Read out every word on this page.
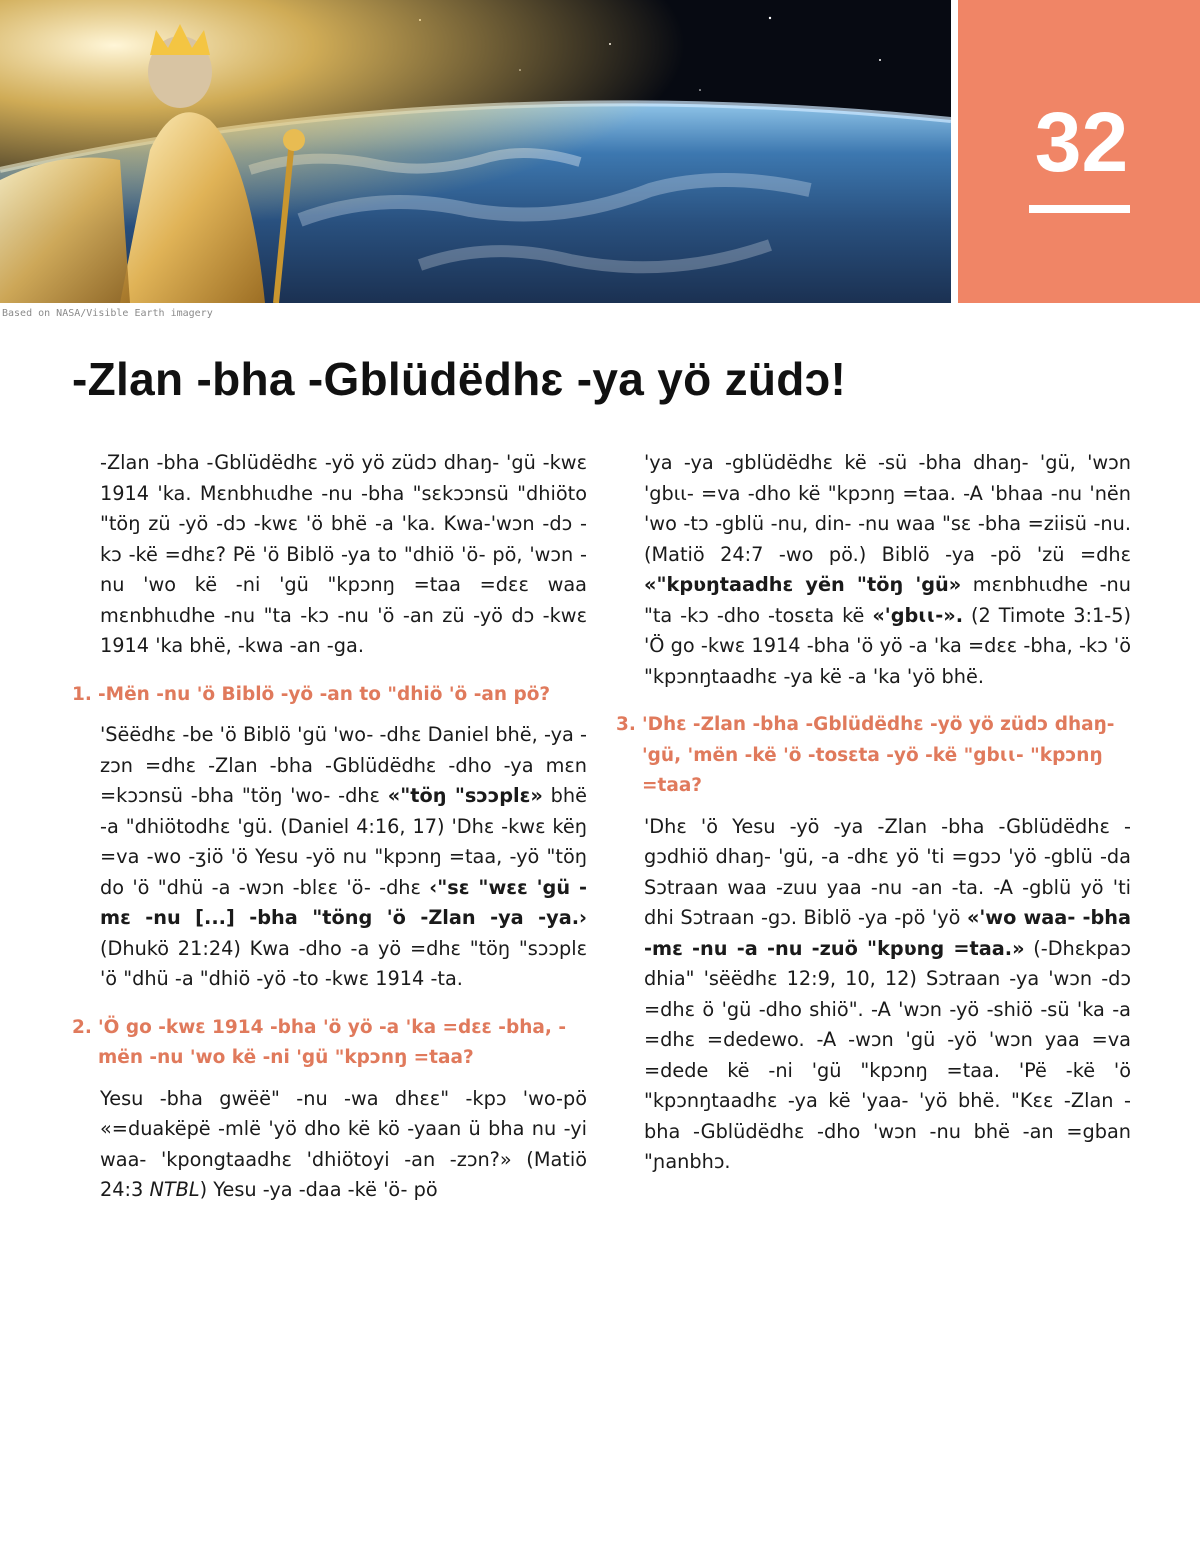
Based on NASA/Visible Earth imagery
32
-Zlan -bha -Gblüdëdhɛ -ya yö züdɔ!

-Zlan -bha -Gblüdëdhɛ -yö yö züdɔ dhaŋ- 'gü -kwɛ 1914 'ka. Mɛnbhɩɩdhe -nu -bha "sɛkɔɔnsü "dhiöto "töŋ zü -yö -dɔ -kwɛ 'ö bhë -a 'ka. Kwa-'wɔn -dɔ -kɔ -kë =dhɛ? Pë 'ö Biblö -ya to "dhiö 'ö- pö, 'wɔn -nu 'wo kë -ni 'gü "kpɔnŋ =taa =dɛɛ waa mɛnbhɩɩdhe -nu "ta -kɔ -nu 'ö -an zü -yö dɔ -kwɛ 1914 'ka bhë, -kwa -an -ga.

1. -Mën -nu 'ö Biblö -yö -an to "dhiö 'ö -an pö?

'Sëëdhɛ -be 'ö Biblö 'gü 'wo- -dhɛ Daniel bhë, -ya -zɔn =dhɛ -Zlan -bha -Gblüdëdhɛ -dho -ya mɛn =kɔɔnsü -bha "töŋ 'wo- -dhɛ «"töŋ "sɔɔplɛ» bhë -a "dhiötodhɛ 'gü. (Daniel 4:16, 17) 'Dhɛ -kwɛ këŋ =va -wo -ʒiö 'ö Yesu -yö nu "kpɔnŋ =taa, -yö "töŋ do 'ö "dhü -a -wɔn -blɛɛ 'ö- -dhɛ ‹"sɛ "wɛɛ 'gü -mɛ -nu [...] -bha "töng 'ö -Zlan -ya -ya.› (Dhukö 21:24) Kwa -dho -a yö =dhɛ "töŋ "sɔɔplɛ 'ö "dhü -a "dhiö -yö -to -kwɛ 1914 -ta.

2. 'Ö go -kwɛ 1914 -bha 'ö yö -a 'ka =dɛɛ -bha, -mën -nu 'wo kë -ni 'gü "kpɔnŋ =taa?

Yesu -bha gwëë" -nu -wa dhɛɛ" -kpɔ 'wo-pö «=duakëpë -mlë 'yö dho kë kö -yaan ü bha nu -yi waa- 'kpongtaadhɛ 'dhiötoyi -an -zɔn?» (Matiö 24:3 NTBL) Yesu -ya -daa -kë 'ö- pö

'ya -ya -gblüdëdhɛ kë -sü -bha dhaŋ- 'gü, 'wɔn 'gbɩɩ- =va -dho kë "kpɔnŋ =taa. -A 'bhaa -nu 'nën 'wo -tɔ -gblü -nu, din- -nu waa "sɛ -bha =ziisü -nu. (Matiö 24:7 -wo pö.) Biblö -ya -pö 'zü =dhɛ «"kpʋŋtaadhɛ yën "töŋ 'gü» mɛnbhɩɩdhe -nu "ta -kɔ -dho -tosɛta kë «'gbɩɩ-». (2 Timote 3:1-5) 'Ö go -kwɛ 1914 -bha 'ö yö -a 'ka =dɛɛ -bha, -kɔ 'ö "kpɔnŋtaadhɛ -ya kë -a 'ka 'yö bhë.

3. 'Dhɛ -Zlan -bha -Gblüdëdhɛ -yö yö züdɔ dhaŋ- 'gü, 'mën -kë 'ö -tosɛta -yö -kë "gbɩɩ- "kpɔnŋ =taa?

'Dhɛ 'ö Yesu -yö -ya -Zlan -bha -Gblüdëdhɛ -gɔdhiö dhaŋ- 'gü, -a -dhɛ yö 'ti =gɔɔ 'yö -gblü -da Sɔtraan waa -zuu yaa -nu -an -ta. -A -gblü yö 'ti dhi Sɔtraan -gɔ. Biblö -ya -pö 'yö «'wo waa- -bha -mɛ -nu -a -nu -zuö "kpʋng =taa.» (-Dhɛkpaɔ dhia" 'sëëdhɛ 12:9, 10, 12) Sɔtraan -ya 'wɔn -dɔ =dhɛ ö 'gü -dho shiö". -A 'wɔn -yö -shiö -sü 'ka -a =dhɛ =dedewo. -A -wɔn 'gü -yö 'wɔn yaa =va =dede kë -ni 'gü "kpɔnŋ =taa. 'Pë -kë 'ö "kpɔnŋtaadhɛ -ya kë 'yaa- 'yö bhë. "Kɛɛ -Zlan -bha -Gblüdëdhɛ -dho 'wɔn -nu bhë -an =gban "ɲanbhɔ.
